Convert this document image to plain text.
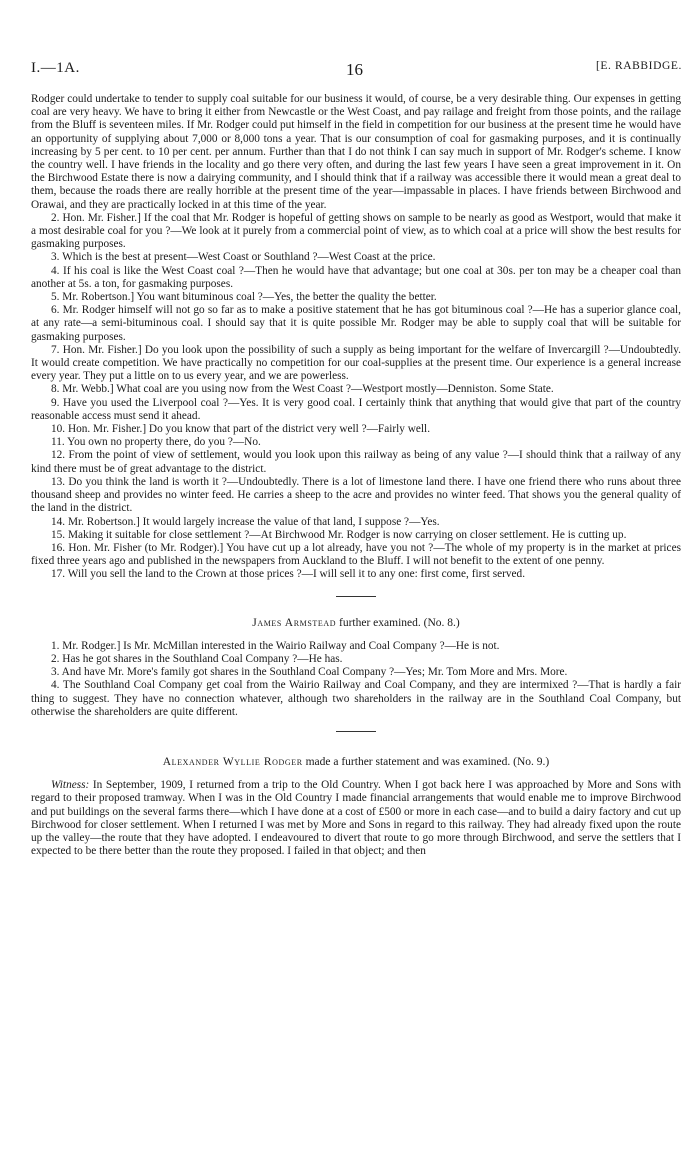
I.—1A.	16	[E. RABBIDGE.

Rodger could undertake to tender to supply coal suitable for our business it would, of course, be a very desirable thing. Our expenses in getting coal are very heavy. We have to bring it either from Newcastle or the West Coast, and pay railage and freight from those points, and the railage from the Bluff is seventeen miles. If Mr. Rodger could put himself in the field in competition for our business at the present time he would have an opportunity of supplying about 7,000 or 8,000 tons a year. That is our consumption of coal for gasmaking purposes, and it is continually increasing by 5 per cent. to 10 per cent. per annum. Further than that I do not think I can say much in support of Mr. Rodger's scheme. I know the country well. I have friends in the locality and go there very often, and during the last few years I have seen a great improvement in it. On the Birchwood Estate there is now a dairying community, and I should think that if a railway was accessible there it would mean a great deal to them, because the roads there are really horrible at the present time of the year—impassable in places. I have friends between Birchwood and Orawai, and they are practically locked in at this time of the year.

2. Hon. Mr. Fisher.] If the coal that Mr. Rodger is hopeful of getting shows on sample to be nearly as good as Westport, would that make it a most desirable coal for you ?—We look at it purely from a commercial point of view, as to which coal at a price will show the best results for gasmaking purposes.

3. Which is the best at present—West Coast or Southland ?—West Coast at the price.

4. If his coal is like the West Coast coal ?—Then he would have that advantage; but one coal at 30s. per ton may be a cheaper coal than another at 5s. a ton, for gasmaking purposes.

5. Mr. Robertson.] You want bituminous coal ?—Yes, the better the quality the better.

6. Mr. Rodger himself will not go so far as to make a positive statement that he has got bituminous coal ?—He has a superior glance coal, at any rate—a semi-bituminous coal. I should say that it is quite possible Mr. Rodger may be able to supply coal that will be suitable for gasmaking purposes.

7. Hon. Mr. Fisher.] Do you look upon the possibility of such a supply as being important for the welfare of Invercargill ?—Undoubtedly. It would create competition. We have practically no competition for our coal-supplies at the present time. Our experience is a general increase every year. They put a little on to us every year, and we are powerless.

8. Mr. Webb.] What coal are you using now from the West Coast ?—Westport mostly—Denniston. Some State.

9. Have you used the Liverpool coal ?—Yes. It is very good coal. I certainly think that anything that would give that part of the country reasonable access must send it ahead.

10. Hon. Mr. Fisher.] Do you know that part of the district very well ?—Fairly well.

11. You own no property there, do you ?—No.

12. From the point of view of settlement, would you look upon this railway as being of any value ?—I should think that a railway of any kind there must be of great advantage to the district.

13. Do you think the land is worth it ?—Undoubtedly. There is a lot of limestone land there. I have one friend there who runs about three thousand sheep and provides no winter feed. He carries a sheep to the acre and provides no winter feed. That shows you the general quality of the land in the district.

14. Mr. Robertson.] It would largely increase the value of that land, I suppose ?—Yes.

15. Making it suitable for close settlement ?—At Birchwood Mr. Rodger is now carrying on closer settlement. He is cutting up.

16. Hon. Mr. Fisher (to Mr. Rodger).] You have cut up a lot already, have you not ?—The whole of my property is in the market at prices fixed three years ago and published in the newspapers from Auckland to the Bluff. I will not benefit to the extent of one penny.

17. Will you sell the land to the Crown at those prices ?—I will sell it to any one: first come, first served.

James Armstead further examined. (No. 8.)

1. Mr. Rodger.] Is Mr. McMillan interested in the Wairio Railway and Coal Company ?—He is not.

2. Has he got shares in the Southland Coal Company ?—He has.

3. And have Mr. More's family got shares in the Southland Coal Company ?—Yes; Mr. Tom More and Mrs. More.

4. The Southland Coal Company get coal from the Wairio Railway and Coal Company, and they are intermixed ?—That is hardly a fair thing to suggest. They have no connection whatever, although two shareholders in the railway are in the Southland Coal Company, but otherwise the shareholders are quite different.

Alexander Wyllie Rodger made a further statement and was examined. (No. 9.)

Witness: In September, 1909, I returned from a trip to the Old Country. When I got back here I was approached by More and Sons with regard to their proposed tramway. When I was in the Old Country I made financial arrangements that would enable me to improve Birchwood and put buildings on the several farms there—which I have done at a cost of £500 or more in each case—and to build a dairy factory and cut up Birchwood for closer settlement. When I returned I was met by More and Sons in regard to this railway. They had already fixed upon the route up the valley—the route that they have adopted. I endeavoured to divert that route to go more through Birchwood, and serve the settlers that I expected to be there better than the route they proposed. I failed in that object; and then
